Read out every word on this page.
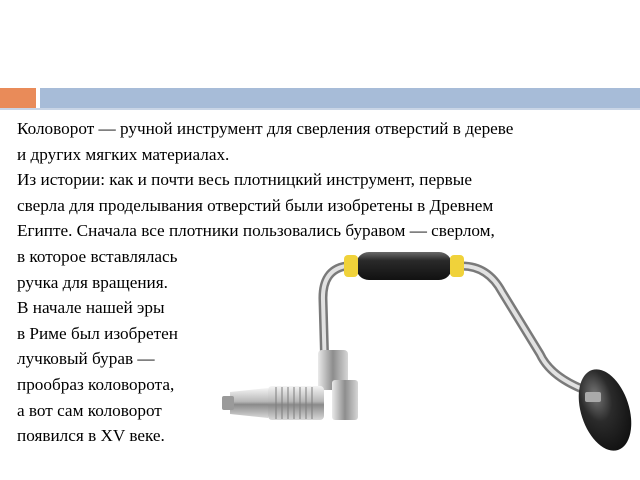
Коловорот — ручной инструмент для сверления отверстий в дереве

и других мягких материалах.

Из истории: как и почти весь плотницкий инструмент, первые

сверла для проделывания отверстий были изобретены в Древнем

Египте. Сначала все плотники пользовались буравом — сверлом,

в которое вставлялась

ручка для вращения.

В начале нашей эры

в Риме был изобретен

лучковый бурав —

прообраз коловорота,

а вот сам коловорот

появился в XV веке.
